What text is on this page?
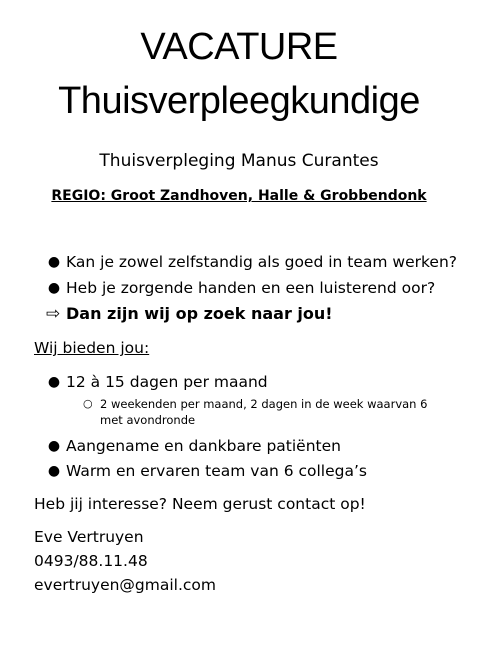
VACATURE
Thuisverpleegkundige
Thuisverpleging Manus Curantes
REGIO: Groot Zandhoven, Halle & Grobbendonk
● Kan je zowel zelfstandig als goed in team werken?
● Heb je zorgende handen en een luisterend oor?
⇨ Dan zijn wij op zoek naar jou!
Wij bieden jou:
● 12 à 15 dagen per maand
○ 2 weekenden per maand, 2 dagen in de week waarvan 6 met avondronde
● Aangename en dankbare patiënten
● Warm en ervaren team van 6 collega’s
Heb jij interesse? Neem gerust contact op!
Eve Vertruyen
0493/88.11.48
evertruyen@gmail.com
